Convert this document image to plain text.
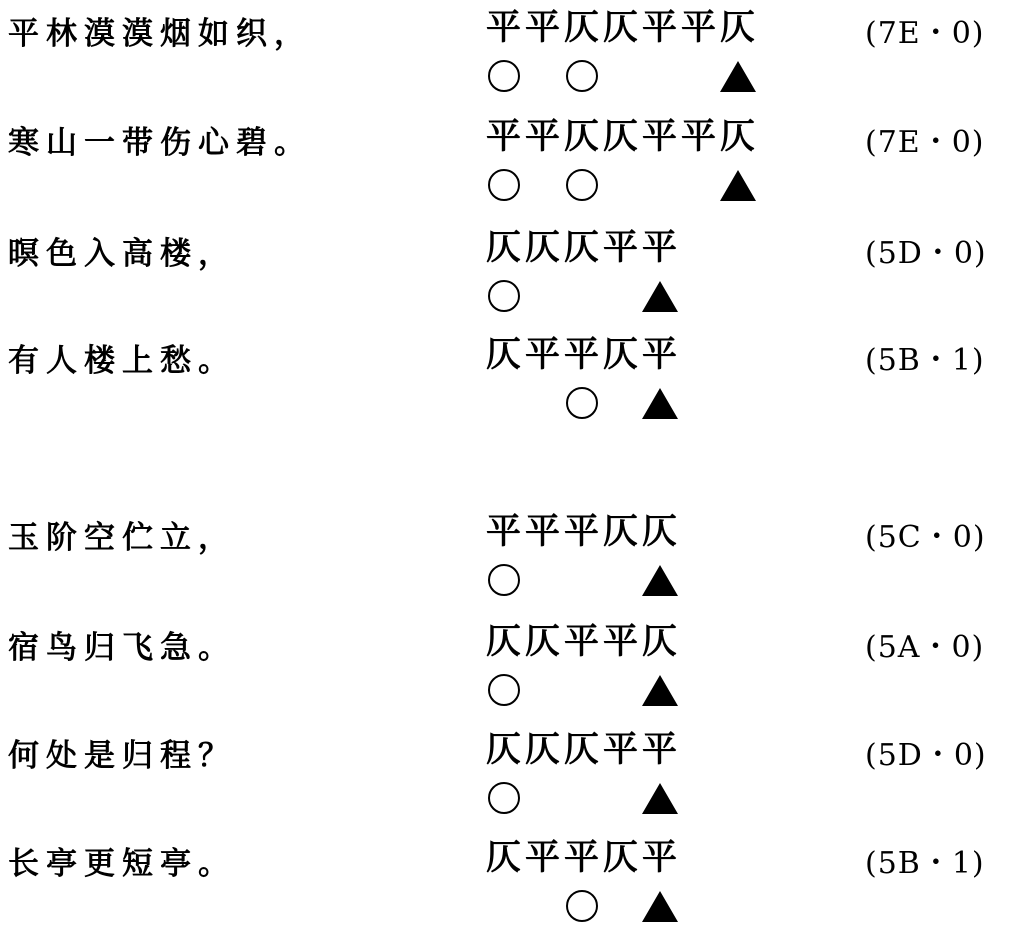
平林漠漠烟如织，	平 平 仄 仄 平 平 仄	(7E・0)
寒山一带伤心碧。	平 平 仄 仄 平 平 仄	(7E・0)
暝色入高楼，	仄 仄 仄 平 平	(5D・0)
有人楼上愁。	仄 平 平 仄 平	(5B・1)
玉阶空伫立，	平 平 平 仄 仄	(5C・0)
宿鸟归飞急。	仄 仄 平 平 仄	(5A・0)
何处是归程？	仄 仄 仄 平 平	(5D・0)
长亭更短亭。	仄 平 平 仄 平	(5B・1)
